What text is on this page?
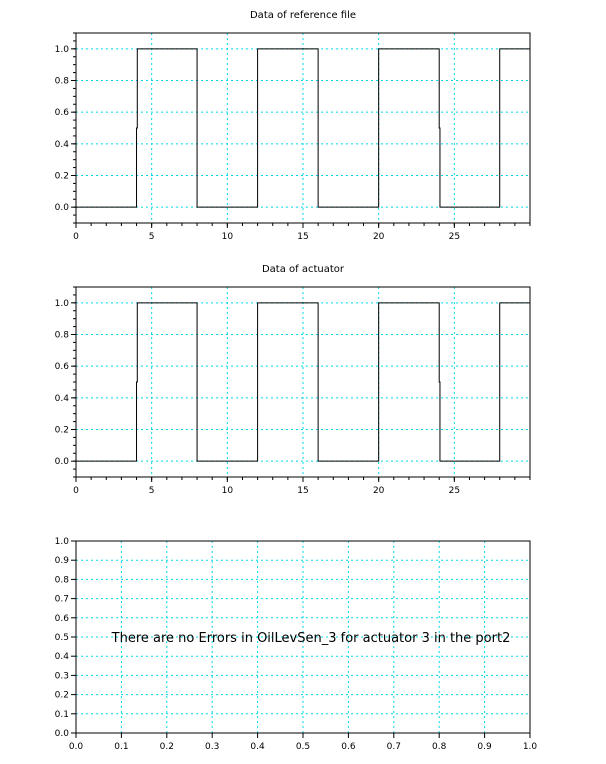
Data of reference file
0	5	10	15	20	25
0.0
0.2
0.4
0.6
0.8
1.0
Data of actuator
0	5	10	15	20	25
0.0
0.2
0.4
0.6
0.8
1.0
0.0	0.1	0.2	0.3	0.4	0.5	0.6	0.7	0.8	0.9	1.0
0.0
0.1
0.2
0.3
0.4
0.5
0.6
0.7
0.8
0.9
1.0
There are no Errors in OilLevSen_3 for actuator 3 in the port2
